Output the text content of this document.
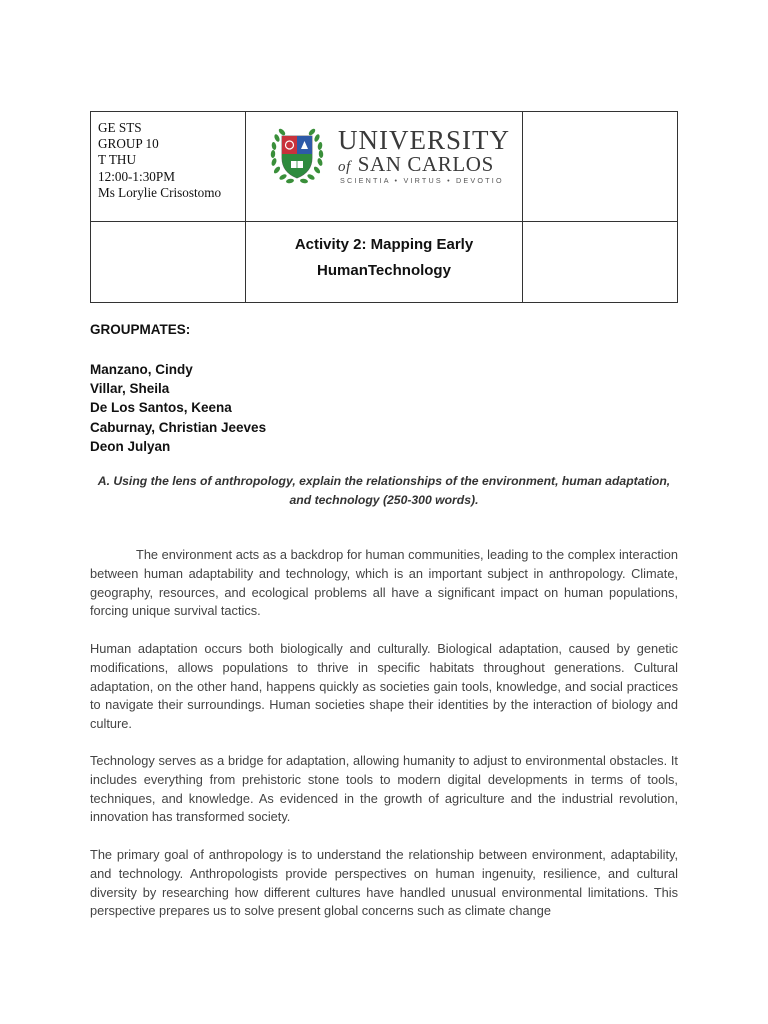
GE STS
GROUP 10
T THU
12:00-1:30PM
Ms Lorylie Crisostomo
UNIVERSITY
of SAN CARLOS
SCIENTIA • VIRTUS • DEVOTIO
Activity 2: Mapping Early
HumanTechnology
GROUPMATES:
Manzano, Cindy
Villar, Sheila
De Los Santos, Keena
Caburnay, Christian Jeeves
Deon Julyan
A. Using the lens of anthropology, explain the relationships of the environment, human adaptation, and technology (250-300 words).

The environment acts as a backdrop for human communities, leading to the complex interaction between human adaptability and technology, which is an important subject in anthropology. Climate, geography, resources, and ecological problems all have a significant impact on human populations, forcing unique survival tactics.

Human adaptation occurs both biologically and culturally. Biological adaptation, caused by genetic modifications, allows populations to thrive in specific habitats throughout generations. Cultural adaptation, on the other hand, happens quickly as societies gain tools, knowledge, and social practices to navigate their surroundings. Human societies shape their identities by the interaction of biology and culture.

Technology serves as a bridge for adaptation, allowing humanity to adjust to environmental obstacles. It includes everything from prehistoric stone tools to modern digital developments in terms of tools, techniques, and knowledge. As evidenced in the growth of agriculture and the industrial revolution, innovation has transformed society.

The primary goal of anthropology is to understand the relationship between environment, adaptability, and technology. Anthropologists provide perspectives on human ingenuity, resilience, and cultural diversity by researching how different cultures have handled unusual environmental limitations. This perspective prepares us to solve present global concerns such as climate change
